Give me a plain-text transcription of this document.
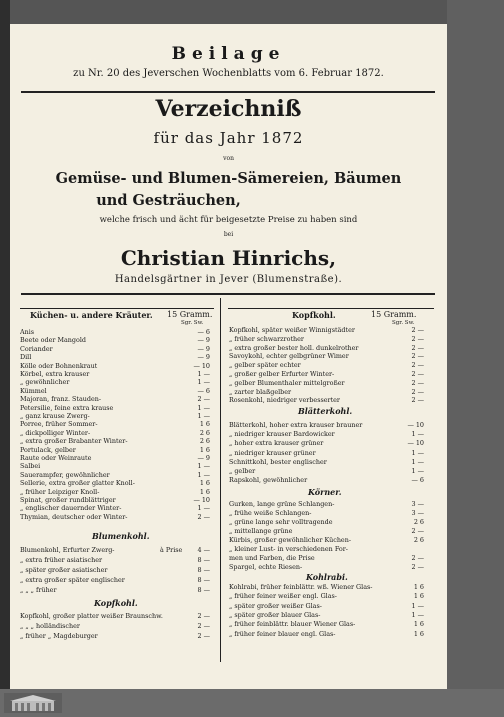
Beilage
zu Nr. 20 des Jeverschen Wochenblatts vom 6. Februar 1872.
Verzeichniß
für das Jahr 1872
von
Gemüse- und Blumen-Sämereien, Bäumen
und Gesträuchen,
welche frisch und ächt für beigesetzte Preise zu haben sind
bei
Christian Hinrichs,
Handelsgärtner in Jever (Blumenstraße).
Küchen- u. andere Kräuter. 15 Gramm.
Sgr. Sw.
Anis	— 6
Beete oder Mangold	— 9
Coriander	— 9
Dill	— 9
Kölle oder Bohnenkraut	— 10
Körbel, extra krauser	1 —
„ gewöhnlicher	1 —
Kümmel	— 6
Majoran, franz. Stauden-	2 —
Petersilie, feine extra krause	1 —
„ ganz krause Zwerg-	1 —
Porree, früher Sommer-	1 6
„ dickpolliger Winter-	2 6
„ extra großer Brabanter Winter-	2 6
Portulack, gelber	1 6
Raute oder Weinraute	— 9
Salbei	1 —
Sauerampfer, gewöhnlicher	1 —
Sellerie, extra großer glatter Knoll-	1 6
„ früher Leipziger Knoll-	1 6
Spinat, großer rundblättriger	— 10
„ englischer dauernder Winter-	1 —
Thymian, deutscher oder Winter-	2 —
Blumenkohl.
Blumenkohl, Erfurter Zwerg-	à Prise 4 —
„ extra früher asiatischer	8 —
„ später großer asiatischer	8 —
„ extra großer später englischer	8 —
„ „ „ früher	8 —
Kopfkohl.
Kopfkohl, großer platter weißer Braunschw.	2 —
„ „ „ holländischer	2 —
„ früher „ Magdeburger	2 —
Kopfkohl.	15 Gramm.
Sgr. Sw.
Kopfkohl, später weißer Winnigstädter	2 —
„ früher schwarzrother	2 —
„ extra großer bester holl. dunkelrother	2 —
Savoykohl, echter gelbgrüner Wimer	2 —
„ gelber später echter	2 —
„ großer gelber Erfurter Winter-	2 —
„ gelber Blumenthaler mittelgroßer	2 —
„ zarter blaßgelber	2 —
Rosenkohl, niedriger verbesserter	2 —
Blätterkohl.
Blätterkohl, hoher extra krauser brauner	— 10
„ niedriger krauser Bardowicker	1 —
„ hoher extra krauser grüner	— 10
„ niedriger krauser grüner	1 —
Schnittkohl, bester englischer	1 —
„ gelber	1 —
Rapskohl, gewöhnlicher	— 6
Körner.
Gurken, lange grüne Schlangen-	3 —
„ frühe weiße Schlangen-	3 —
„ grüne lange sehr volltragende	2 6
„ mittellange grüne	2 —
Kürbis, großer gewöhnlicher Küchen-	2 6
„ kleiner Lust- in verschiedenen For-
men und Farben, die Prise	2 —
Spargel, echte Riesen-	2 —
Kohlrabi.
Kohlrabi, früher feinblättr. wß. Wiener Glas-	1 6
„ früher feiner weißer engl. Glas-	1 6
„ später großer weißer Glas-	1 —
„ später großer blauer Glas-	1 —
„ früher feinblättr. blauer Wiener Glas-	1 6
„ früher feiner blauer engl. Glas-	1 6
